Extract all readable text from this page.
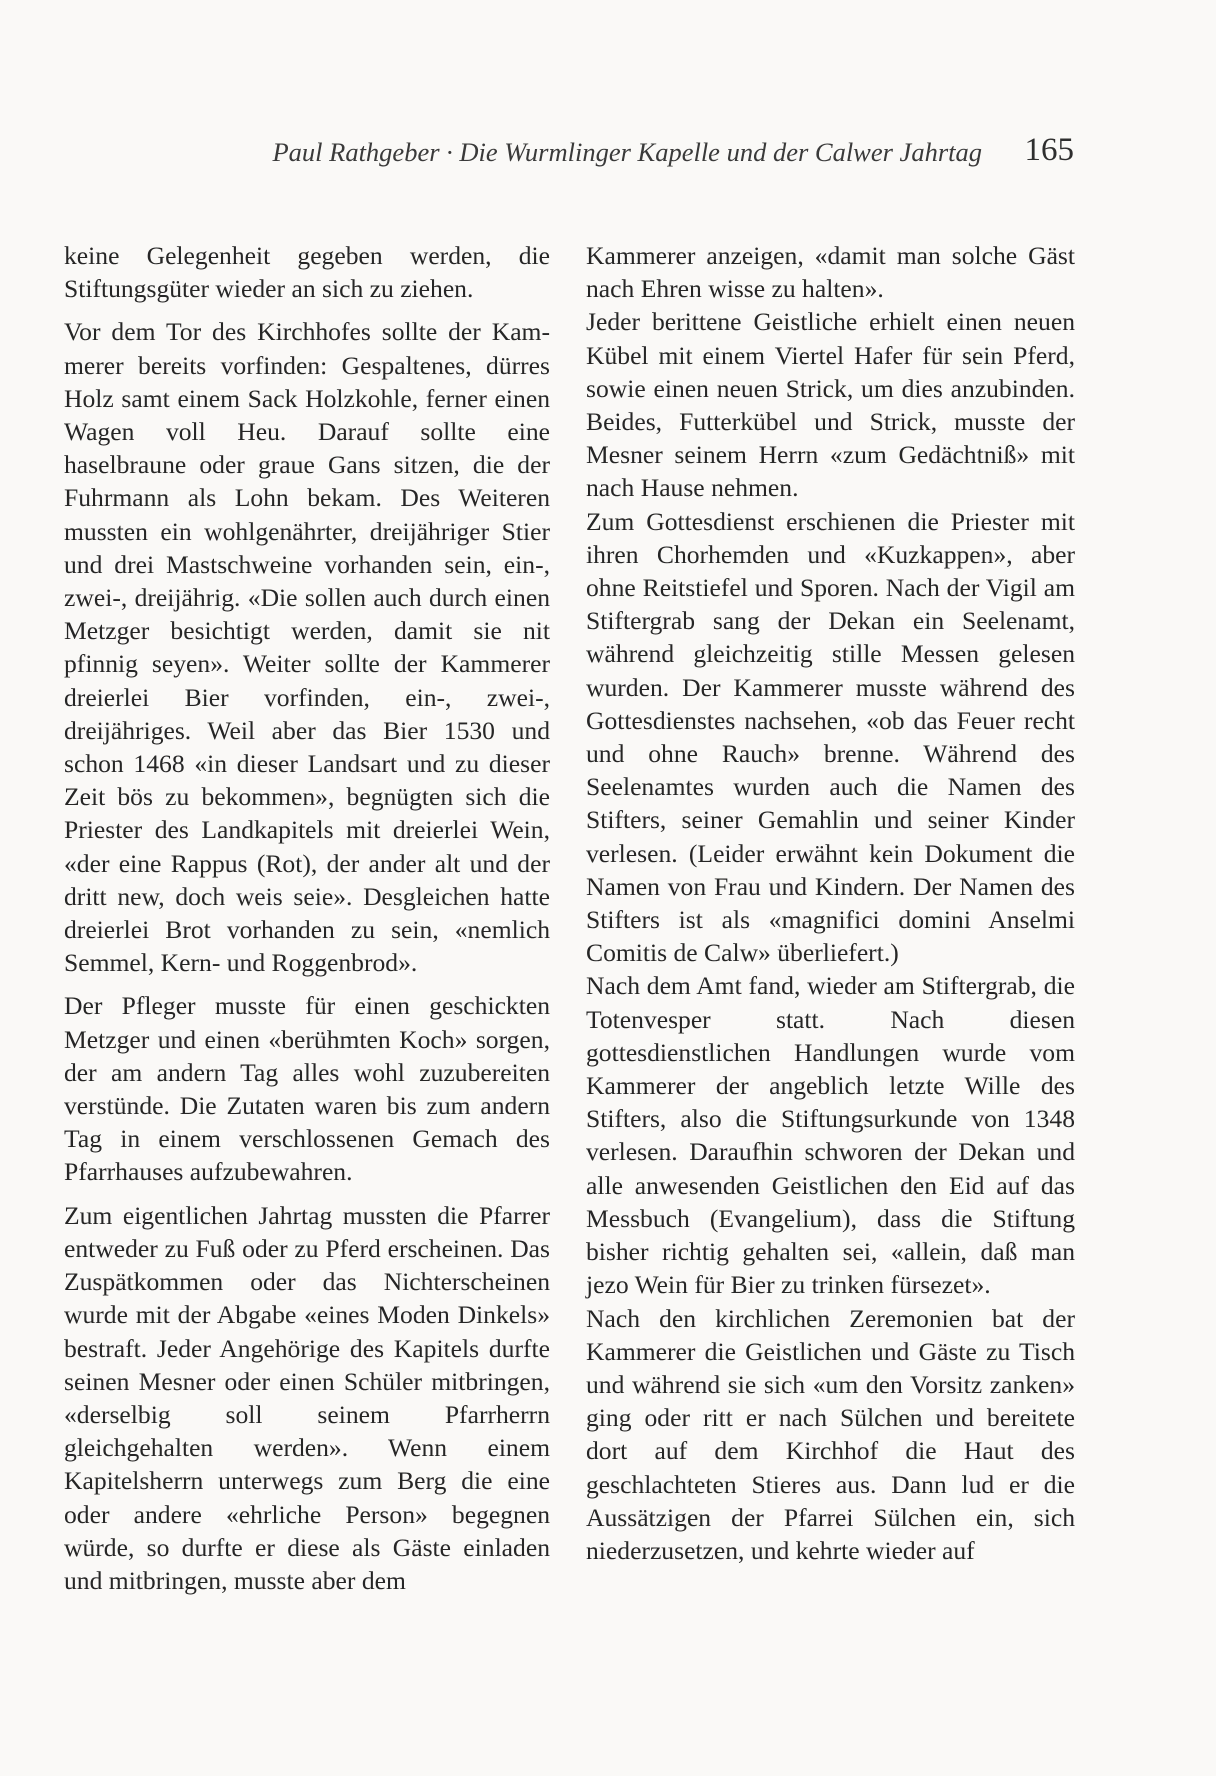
Paul Rathgeber · Die Wurmlinger Kapelle und der Calwer Jahrtag 165

keine Gelegenheit gegeben werden, die Stiftungsgüter wieder an sich zu ziehen.

Vor dem Tor des Kirchhofes sollte der Kammerer bereits vorfinden: Gespaltenes, dürres Holz samt einem Sack Holzkohle, ferner einen Wagen voll Heu. Darauf sollte eine haselbraune oder graue Gans sitzen, die der Fuhrmann als Lohn bekam. Des Weiteren mussten ein wohlgenährter, dreijähriger Stier und drei Mastschweine vorhanden sein, ein-, zwei-, dreijährig. «Die sollen auch durch einen Metzger besichtigt werden, damit sie nit pfinnig seyen». Weiter sollte der Kammerer dreierlei Bier vorfinden, ein-, zwei-, dreijähriges. Weil aber das Bier 1530 und schon 1468 «in dieser Landsart und zu dieser Zeit bös zu bekommen», begnügten sich die Priester des Landkapitels mit dreierlei Wein, «der eine Rappus (Rot), der ander alt und der dritt new, doch weis seie». Desgleichen hatte dreierlei Brot vorhanden zu sein, «nemlich Semmel, Kern- und Roggenbrod».

Der Pfleger musste für einen geschickten Metzger und einen «berühmten Koch» sorgen, der am andern Tag alles wohl zuzubereiten verstünde. Die Zutaten waren bis zum andern Tag in einem verschlossenen Gemach des Pfarrhauses aufzubewahren.

Zum eigentlichen Jahrtag mussten die Pfarrer entweder zu Fuß oder zu Pferd erscheinen. Das Zuspätkommen oder das Nichterscheinen wurde mit der Abgabe «eines Moden Dinkels» bestraft. Jeder Angehörige des Kapitels durfte seinen Mesner oder einen Schüler mitbringen, «derselbig soll seinem Pfarrherrn gleichgehalten werden». Wenn einem Kapitelsherrn unterwegs zum Berg die eine oder andere «ehrliche Person» begegnen würde, so durfte er diese als Gäste einladen und mitbringen, musste aber dem

Kammerer anzeigen, «damit man solche Gäst nach Ehren wisse zu halten».

Jeder berittene Geistliche erhielt einen neuen Kübel mit einem Viertel Hafer für sein Pferd, sowie einen neuen Strick, um dies anzubinden. Beides, Futterkübel und Strick, musste der Mesner seinem Herrn «zum Gedächtniß» mit nach Hause nehmen.

Zum Gottesdienst erschienen die Priester mit ihren Chorhemden und «Kuzkappen», aber ohne Reitstiefel und Sporen. Nach der Vigil am Stiftergrab sang der Dekan ein Seelenamt, während gleichzeitig stille Messen gelesen wurden. Der Kammerer musste während des Gottesdienstes nachsehen, «ob das Feuer recht und ohne Rauch» brenne. Während des Seelenamtes wurden auch die Namen des Stifters, seiner Gemahlin und seiner Kinder verlesen. (Leider erwähnt kein Dokument die Namen von Frau und Kindern. Der Namen des Stifters ist als «magnifici domini Anselmi Comitis de Calw» überliefert.)

Nach dem Amt fand, wieder am Stiftergrab, die Totenvesper statt. Nach diesen gottesdienstlichen Handlungen wurde vom Kammerer der angeblich letzte Wille des Stifters, also die Stiftungsurkunde von 1348 verlesen. Daraufhin schworen der Dekan und alle anwesenden Geistlichen den Eid auf das Messbuch (Evangelium), dass die Stiftung bisher richtig gehalten sei, «allein, daß man jezo Wein für Bier zu trinken fürsezet».

Nach den kirchlichen Zeremonien bat der Kammerer die Geistlichen und Gäste zu Tisch und während sie sich «um den Vorsitz zanken» ging oder ritt er nach Sülchen und bereitete dort auf dem Kirchhof die Haut des geschlachteten Stieres aus. Dann lud er die Aussätzigen der Pfarrei Sülchen ein, sich niederzusetzen, und kehrte wieder auf
